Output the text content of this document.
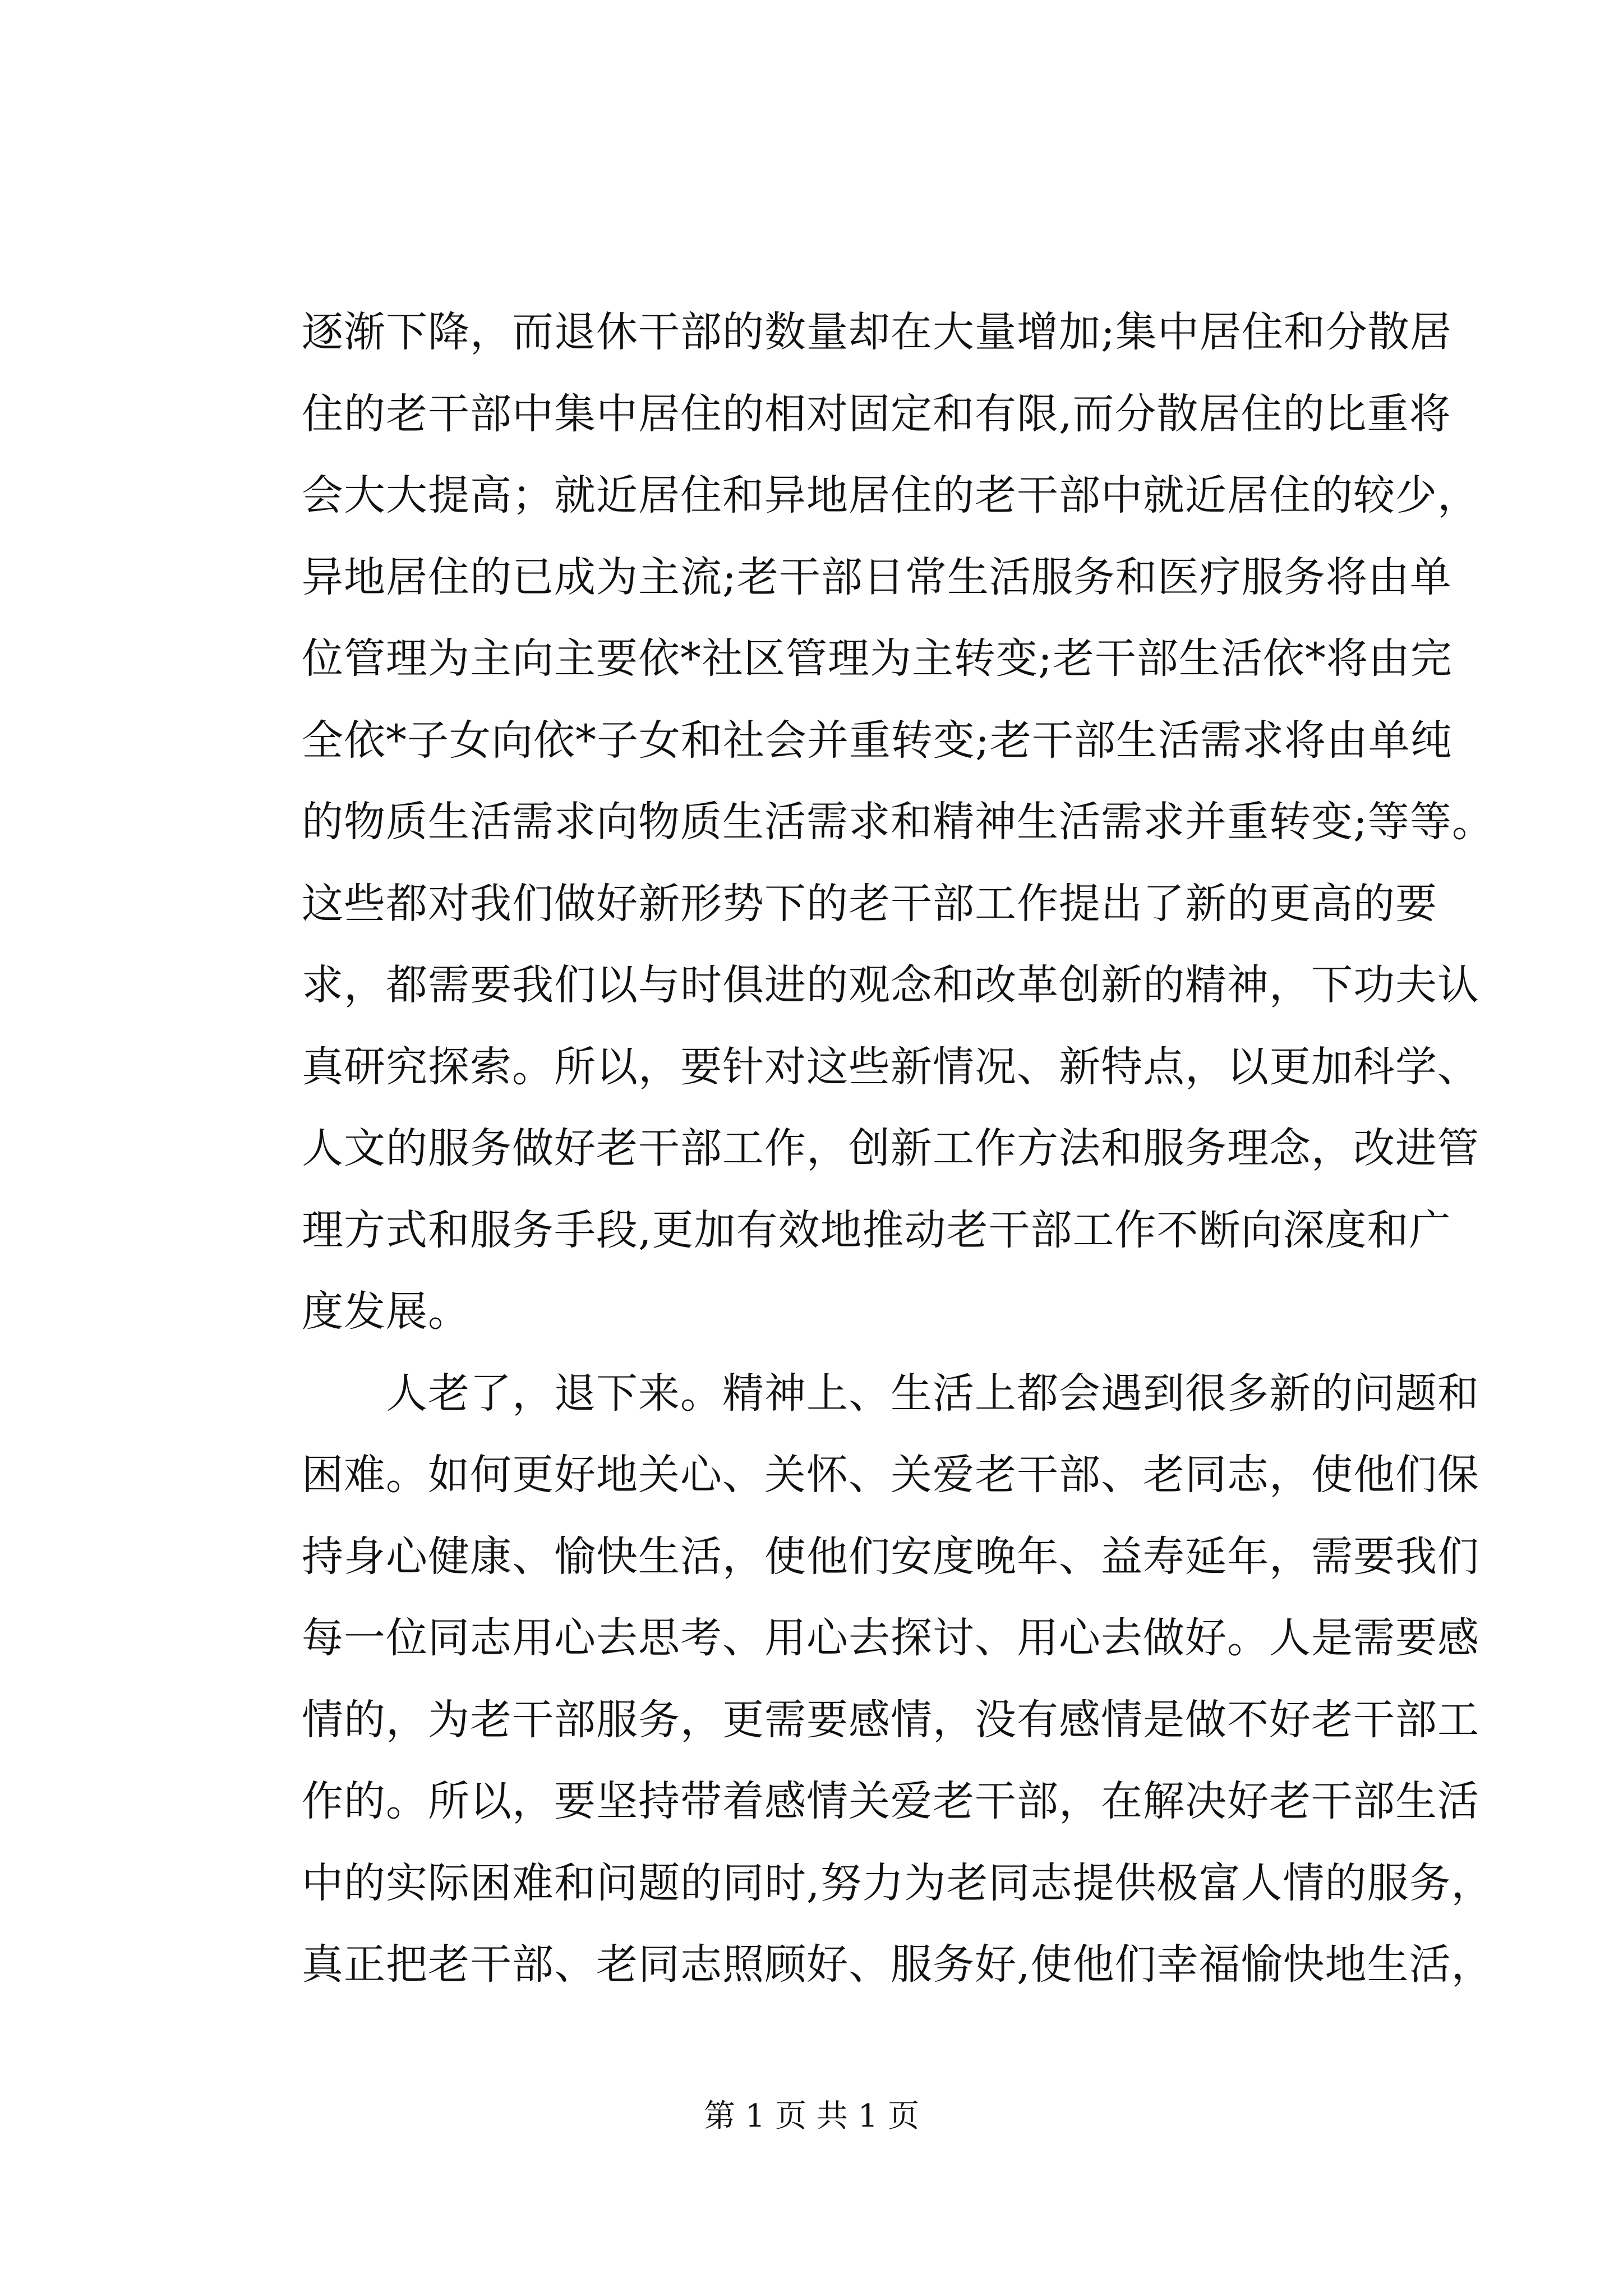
逐渐下降，而退休干部的数量却在大量增加;集中居住和分散居
住的老干部中集中居住的相对固定和有限,而分散居住的比重将
会大大提高；就近居住和异地居住的老干部中就近居住的较少，
异地居住的已成为主流;老干部日常生活服务和医疗服务将由单
位管理为主向主要依*社区管理为主转变;老干部生活依*将由完
全依*子女向依*子女和社会并重转变;老干部生活需求将由单纯
的物质生活需求向物质生活需求和精神生活需求并重转变;等等。
这些都对我们做好新形势下的老干部工作提出了新的更高的要
求，都需要我们以与时俱进的观念和改革创新的精神，下功夫认
真研究探索。所以，要针对这些新情况、新特点，以更加科学、
人文的服务做好老干部工作，创新工作方法和服务理念，改进管
理方式和服务手段,更加有效地推动老干部工作不断向深度和广
度发展。
　　人老了，退下来。精神上、生活上都会遇到很多新的问题和
困难。如何更好地关心、关怀、关爱老干部、老同志，使他们保
持身心健康、愉快生活，使他们安度晚年、益寿延年，需要我们
每一位同志用心去思考、用心去探讨、用心去做好。人是需要感
情的，为老干部服务，更需要感情，没有感情是做不好老干部工
作的。所以，要坚持带着感情关爱老干部，在解决好老干部生活
中的实际困难和问题的同时,努力为老同志提供极富人情的服务，
真正把老干部、老同志照顾好、服务好,使他们幸福愉快地生活，
第 1 页 共 1 页
